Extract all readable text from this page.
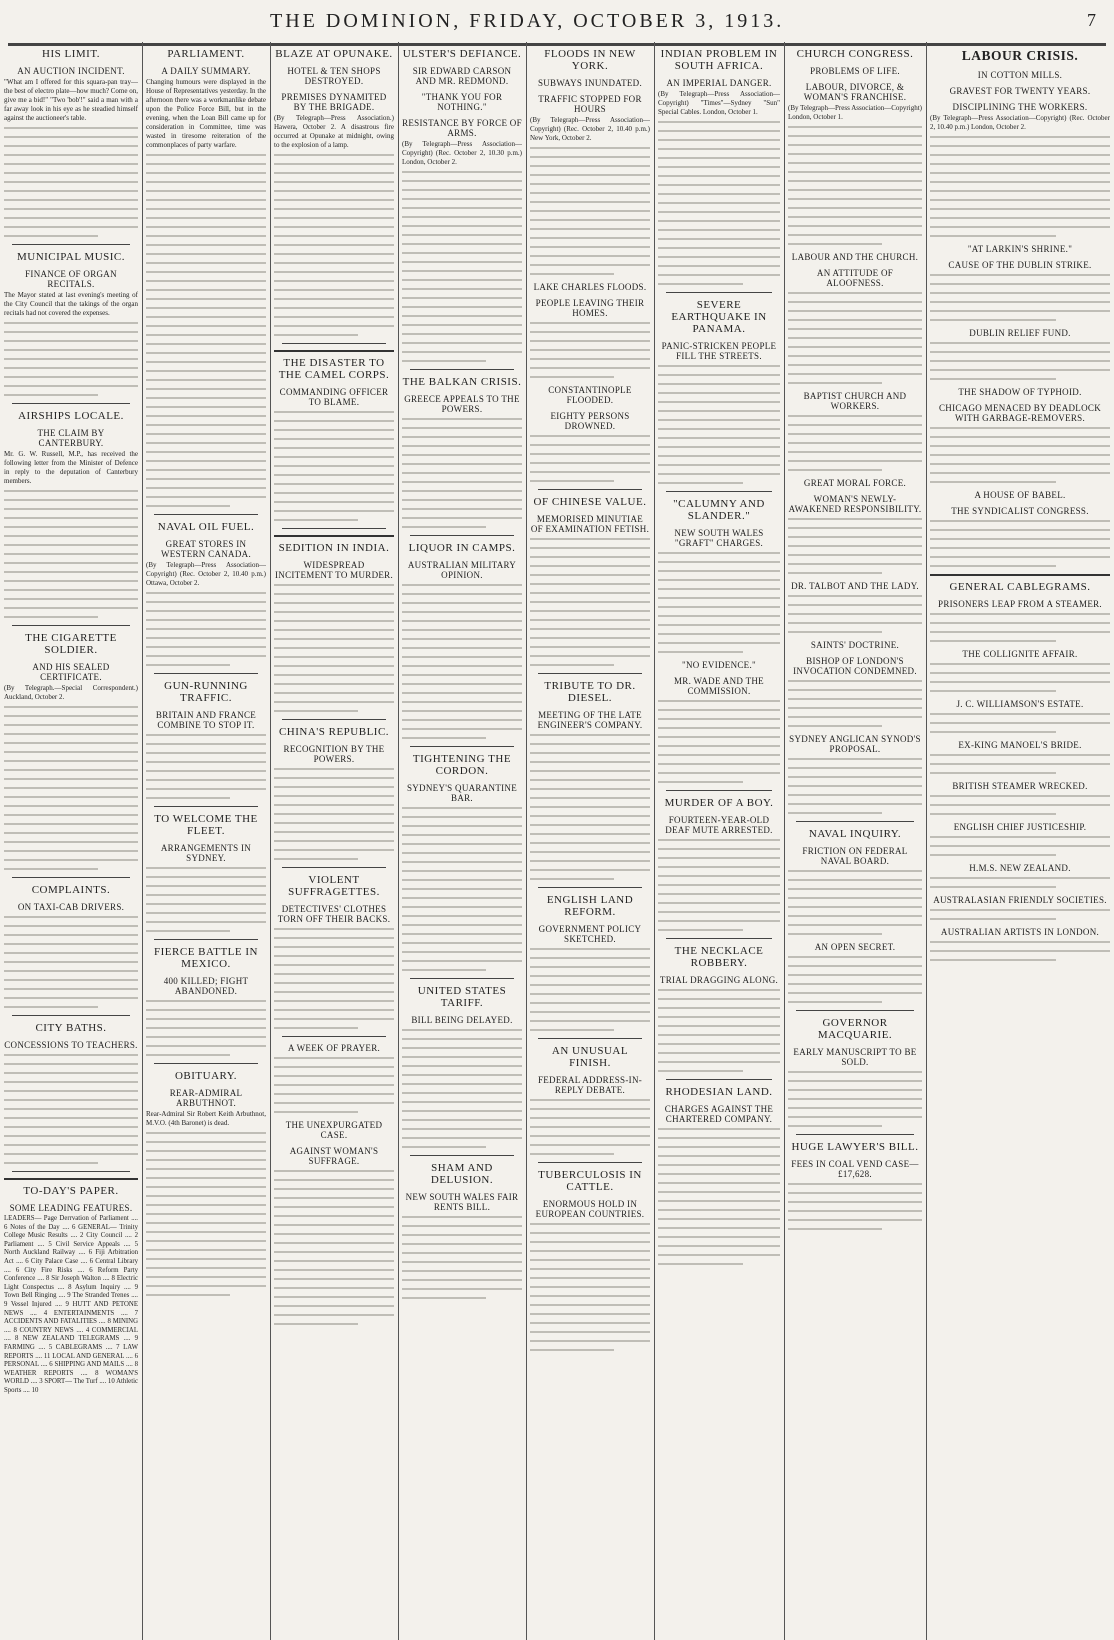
THE DOMINION, FRIDAY, OCTOBER 3, 1913.	7
HIS LIMIT.
AN AUCTION INCIDENT.
"What am I offered for this squara-pan tray—the best of electro plate—how much? Come on, give me a bid!" "Two 'bob'!" said a man with a far away look in his eye as he steadied himself against the auctioneer's table.
MUNICIPAL MUSIC.
FINANCE OF ORGAN RECITALS.
The Mayor stated at last evening's meeting of the City Council that the takings of the organ recitals had not covered the expenses.
AIRSHIPS LOCALE.
THE CLAIM BY CANTERBURY.
Mr. G. W. Russell, M.P., has received the following letter from the Minister of Defence in reply to the deputation of Canterbury members.
THE CIGARETTE SOLDIER.
AND HIS SEALED CERTIFICATE.
(By Telegraph.—Special Correspondent.) Auckland, October 2.
COMPLAINTS.
ON TAXI-CAB DRIVERS.
CITY BATHS.
CONCESSIONS TO TEACHERS.
TO-DAY'S PAPER.
SOME LEADING FEATURES.
LEADERS— Page Derrvation of Parliament .... 6 Notes of the Day .... 6 GENERAL— Trinity College Music Results .... 2 City Council .... 2 Parliament .... 5 Civil Service Appeals .... 5 North Auckland Railway .... 6 Fiji Arbitration Act .... 6 City Palace Case .... 6 Central Library .... 6 City Fire Risks .... 6 Reform Party Conference .... 8 Sir Joseph Walton .... 8 Electric Light Conspectus .... 8 Asylum Inquiry .... 9 Town Bell Ringing .... 9 The Stranded Trenes .... 9 Vessel Injured .... 9 HUTT AND PETONE NEWS .... 4 ENTERTAINMENTS .... 7 ACCIDENTS AND FATALITIES .... 8 MINING .... 8 COUNTRY NEWS .... 4 COMMERCIAL .... 8 NEW ZEALAND TELEGRAMS .... 9 FARMING .... 5 CABLEGRAMS .... 7 LAW REPORTS .... 11 LOCAL AND GENERAL .... 6 PERSONAL .... 6 SHIPPING AND MAILS .... 8 WEATHER REPORTS .... 8 WOMAN'S WORLD .... 3 SPORT— The Turf .... 10 Athletic Sports .... 10
PARLIAMENT.
A DAILY SUMMARY.
Changing humours were displayed in the House of Representatives yesterday. In the afternoon there was a workmanlike debate upon the Police Force Bill, but in the evening, when the Loan Bill came up for consideration in Committee, time was wasted in tiresome reiteration of the commonplaces of party warfare.
NAVAL OIL FUEL.
GREAT STORES IN WESTERN CANADA.
(By Telegraph—Press Association—Copyright) (Rec. October 2, 10.40 p.m.) Ottawa, October 2.
GUN-RUNNING TRAFFIC.
BRITAIN AND FRANCE COMBINE TO STOP IT.
TO WELCOME THE FLEET.
ARRANGEMENTS IN SYDNEY.
FIERCE BATTLE IN MEXICO.
400 KILLED; FIGHT ABANDONED.
OBITUARY.
REAR-ADMIRAL ARBUTHNOT.
Rear-Admiral Sir Robert Keith Arbuthnot, M.V.O. (4th Baronet) is dead.
BLAZE AT OPUNAKE.
HOTEL & TEN SHOPS DESTROYED.
PREMISES DYNAMITED BY THE BRIGADE.
(By Telegraph—Press Association.) Hawera, October 2. A disastrous fire occurred at Opunake at midnight, owing to the explosion of a lamp.
THE DISASTER TO THE CAMEL CORPS.
COMMANDING OFFICER TO BLAME.
SEDITION IN INDIA.
WIDESPREAD INCITEMENT TO MURDER.
CHINA'S REPUBLIC.
RECOGNITION BY THE POWERS.
VIOLENT SUFFRAGETTES.
DETECTIVES' CLOTHES TORN OFF THEIR BACKS.
A WEEK OF PRAYER.
THE UNEXPURGATED CASE.
AGAINST WOMAN'S SUFFRAGE.
ULSTER'S DEFIANCE.
SIR EDWARD CARSON AND MR. REDMOND.
"THANK YOU FOR NOTHING."
RESISTANCE BY FORCE OF ARMS.
(By Telegraph—Press Association—Copyright) (Rec. October 2, 10.30 p.m.) London, October 2.
THE BALKAN CRISIS.
GREECE APPEALS TO THE POWERS.
LIQUOR IN CAMPS.
AUSTRALIAN MILITARY OPINION.
TIGHTENING THE CORDON.
SYDNEY'S QUARANTINE BAR.
UNITED STATES TARIFF.
BILL BEING DELAYED.
SHAM AND DELUSION.
NEW SOUTH WALES FAIR RENTS BILL.
FLOODS IN NEW YORK.
SUBWAYS INUNDATED.
TRAFFIC STOPPED FOR HOURS
(By Telegraph—Press Association—Copyright) (Rec. October 2, 10.40 p.m.) New York, October 2.
LAKE CHARLES FLOODS.
PEOPLE LEAVING THEIR HOMES.
CONSTANTINOPLE FLOODED.
EIGHTY PERSONS DROWNED.
OF CHINESE VALUE.
MEMORISED MINUTIAE OF EXAMINATION FETISH.
TRIBUTE TO DR. DIESEL.
MEETING OF THE LATE ENGINEER'S COMPANY.
ENGLISH LAND REFORM.
GOVERNMENT POLICY SKETCHED.
AN UNUSUAL FINISH.
FEDERAL ADDRESS-IN-REPLY DEBATE.
TUBERCULOSIS IN CATTLE.
ENORMOUS HOLD IN EUROPEAN COUNTRIES.
INDIAN PROBLEM IN SOUTH AFRICA.
AN IMPERIAL DANGER.
(By Telegraph—Press Association—Copyright) "Times"—Sydney "Sun" Special Cables. London, October 1.
SEVERE EARTHQUAKE IN PANAMA.
PANIC-STRICKEN PEOPLE FILL THE STREETS.
"CALUMNY AND SLANDER."
NEW SOUTH WALES "GRAFT" CHARGES.
"NO EVIDENCE."
MR. WADE AND THE COMMISSION.
MURDER OF A BOY.
FOURTEEN-YEAR-OLD DEAF MUTE ARRESTED.
THE NECKLACE ROBBERY.
TRIAL DRAGGING ALONG.
RHODESIAN LAND.
CHARGES AGAINST THE CHARTERED COMPANY.
CHURCH CONGRESS.
PROBLEMS OF LIFE.
LABOUR, DIVORCE, & WOMAN'S FRANCHISE.
(By Telegraph—Press Association—Copyright) London, October 1.
LABOUR AND THE CHURCH.
AN ATTITUDE OF ALOOFNESS.
BAPTIST CHURCH AND WORKERS.
GREAT MORAL FORCE.
WOMAN'S NEWLY-AWAKENED RESPONSIBILITY.
DR. TALBOT AND THE LADY.
SAINTS' DOCTRINE.
BISHOP OF LONDON'S INVOCATION CONDEMNED.
SYDNEY ANGLICAN SYNOD'S PROPOSAL.
NAVAL INQUIRY.
FRICTION ON FEDERAL NAVAL BOARD.
AN OPEN SECRET.
GOVERNOR MACQUARIE.
EARLY MANUSCRIPT TO BE SOLD.
HUGE LAWYER'S BILL.
FEES IN COAL VEND CASE—£17,628.
LABOUR CRISIS.
IN COTTON MILLS.
GRAVEST FOR TWENTY YEARS.
DISCIPLINING THE WORKERS.
(By Telegraph—Press Association—Copyright) (Rec. October 2, 10.40 p.m.) London, October 2.
"AT LARKIN'S SHRINE."
CAUSE OF THE DUBLIN STRIKE.
DUBLIN RELIEF FUND.
THE SHADOW OF TYPHOID.
CHICAGO MENACED BY DEADLOCK WITH GARBAGE-REMOVERS.
A HOUSE OF BABEL.
THE SYNDICALIST CONGRESS.
GENERAL CABLEGRAMS.
PRISONERS LEAP FROM A STEAMER.
THE COLLIGNITE AFFAIR.
J. C. WILLIAMSON'S ESTATE.
EX-KING MANOEL'S BRIDE.
BRITISH STEAMER WRECKED.
ENGLISH CHIEF JUSTICESHIP.
H.M.S. NEW ZEALAND.
AUSTRALASIAN FRIENDLY SOCIETIES.
AUSTRALIAN ARTISTS IN LONDON.
